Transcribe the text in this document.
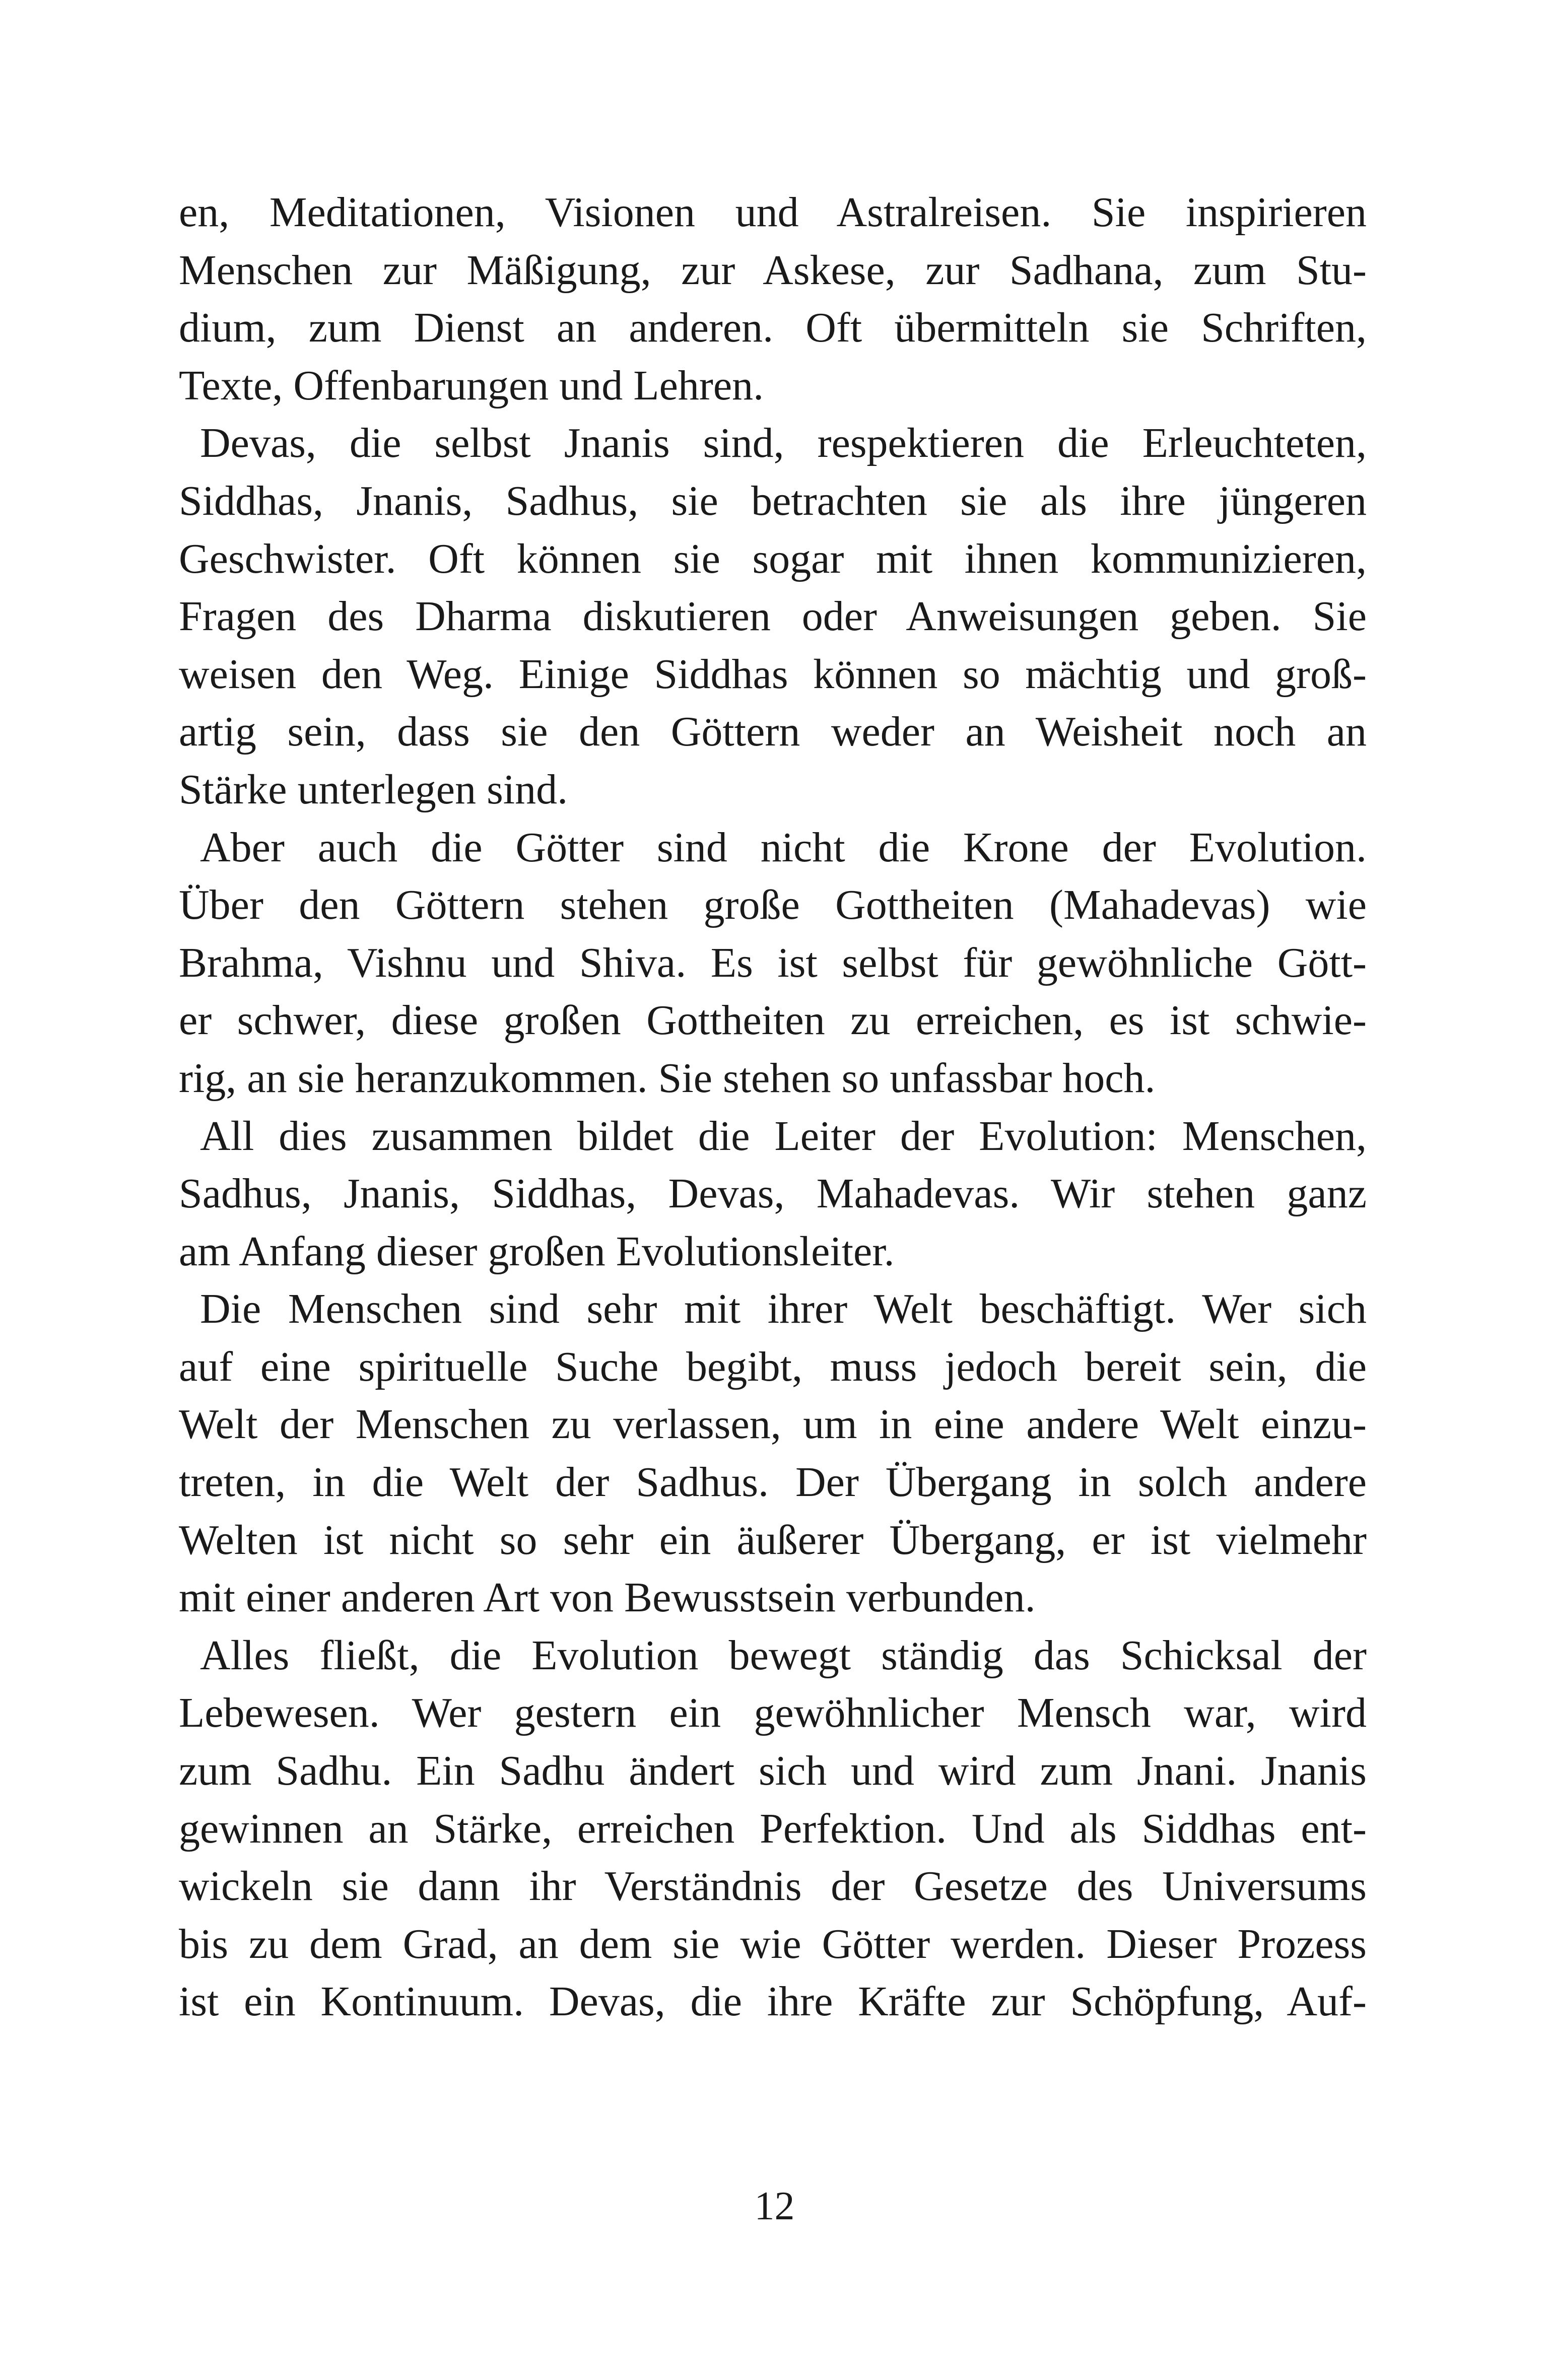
en, Meditationen, Visionen und Astralreisen. Sie inspirieren
Menschen zur Mäßigung, zur Askese, zur Sadhana, zum Stu-
dium, zum Dienst an anderen. Oft übermitteln sie Schriften,
Texte, Offenbarungen und Lehren.

Devas, die selbst Jnanis sind, respektieren die Erleuchteten,
Siddhas, Jnanis, Sadhus, sie betrachten sie als ihre jüngeren
Geschwister. Oft können sie sogar mit ihnen kommunizieren,
Fragen des Dharma diskutieren oder Anweisungen geben. Sie
weisen den Weg. Einige Siddhas können so mächtig und groß-
artig sein, dass sie den Göttern weder an Weisheit noch an
Stärke unterlegen sind.

Aber auch die Götter sind nicht die Krone der Evolution.
Über den Göttern stehen große Gottheiten (Mahadevas) wie
Brahma, Vishnu und Shiva. Es ist selbst für gewöhnliche Gött-
er schwer, diese großen Gottheiten zu erreichen, es ist schwie-
rig, an sie heranzukommen. Sie stehen so unfassbar hoch.

All dies zusammen bildet die Leiter der Evolution: Menschen,
Sadhus, Jnanis, Siddhas, Devas, Mahadevas. Wir stehen ganz
am Anfang dieser großen Evolutionsleiter.

Die Menschen sind sehr mit ihrer Welt beschäftigt. Wer sich
auf eine spirituelle Suche begibt, muss jedoch bereit sein, die
Welt der Menschen zu verlassen, um in eine andere Welt einzu-
treten, in die Welt der Sadhus. Der Übergang in solch andere
Welten ist nicht so sehr ein äußerer Übergang, er ist vielmehr
mit einer anderen Art von Bewusstsein verbunden.

Alles fließt, die Evolution bewegt ständig das Schicksal der
Lebewesen. Wer gestern ein gewöhnlicher Mensch war, wird
zum Sadhu. Ein Sadhu ändert sich und wird zum Jnani. Jnanis
gewinnen an Stärke, erreichen Perfektion. Und als Siddhas ent-
wickeln sie dann ihr Verständnis der Gesetze des Universums
bis zu dem Grad, an dem sie wie Götter werden. Dieser Prozess
ist ein Kontinuum. Devas, die ihre Kräfte zur Schöpfung, Auf-

12
